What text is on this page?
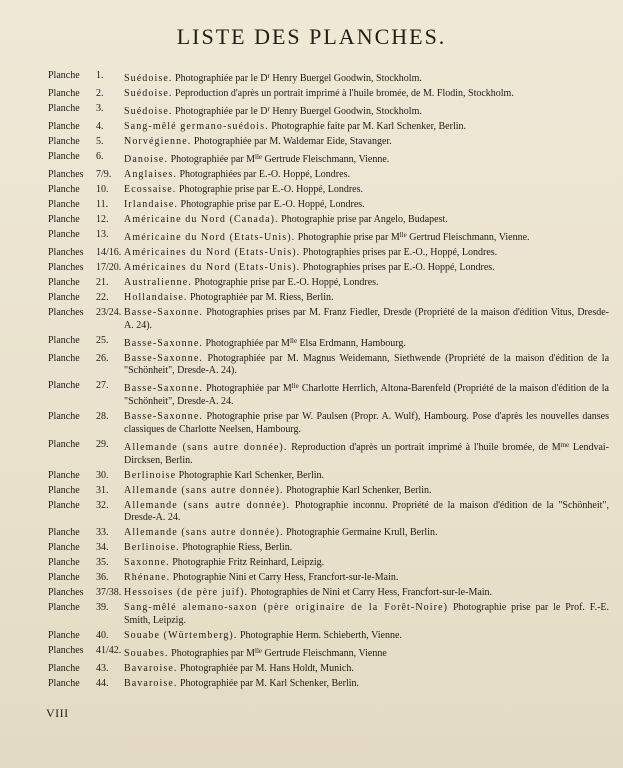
LISTE DES PLANCHES.
Planche	1.	Suédoise. Photographiée par le $D^r$ Henry Buergel Goodwin, Stockholm.
Planche	2.	Suédoise. Peproduction d'après un portrait imprimé à l'huile bromée, de M. Flodin, Stockholm.
Planche	3.	Suédoise. Photographiée par le $D^r$ Henry Buergel Goodwin, Stockholm.
Planche	4.	Sang-mêlé germano-suédois. Photographie faite par M. Karl Schenker, Berlin.
Planche	5.	Norvégienne. Photographiée par M. Waldemar Eide, Stavanger.
Planche	6.	Danoise. Photographiée par $M^{lle}$ Gertrude Fleischmann, Vienne.
Planches	7/9.	Anglaises. Photographiées par E.-O. Hoppé, Londres.
Planche	10.	Ecossaise. Photographie prise par E.-O. Hoppé, Londres.
Planche	11.	Irlandaise. Photographie prise par E.-O. Hoppé, Londres.
Planche	12.	Américaine du Nord (Canada). Photographie prise par Angelo, Budapest.
Planche	13.	Américaine du Nord (Etats-Unis). Photographie prise par $M^{lle}$ Gertrud Fleischmann, Vienne.
Planches	14/16. Américaines du Nord (Etats-Unis). Photographies prises par E.-O., Hoppé, Londres.
Planches	17/20. Américaines du Nord (Etats-Unis). Photographies prises par E.-O. Hoppé, Londres.
Planche	21.	Australienne. Photographie prise par E.-O. Hoppé, Londres.
Planche	22.	Hollandaise. Photographiée par M. Riess, Berlin.
Planches	23/24. Basse-Saxonne. Photographies prises par M. Franz Fiedler, Dresde (Propriété de la maison d'édition Vitus, Dresde-A. 24).
Planche	25.	Basse-Saxonne. Photographiée par $M^{lle}$ Elsa Erdmann, Hambourg.
Planche	26.	Basse-Saxonne. Photographiée par M. Magnus Weidemann, Siethwende (Propriété de la maison d'édition de la "Schönheit", Dresde-A. 24).
Planche	27.	Basse-Saxonne. Photographiée par $M^{lle}$ Charlotte Herrlich, Altona-Barenfeld (Propriété de la maison d'édition de la "Schönheit", Dresde-A. 24.
Planche	28.	Basse-Saxonne. Photographie prise par W. Paulsen (Propr. A. Wulf), Hambourg. Pose d'après les nouvelles danses classiques de Charlotte Neelsen, Hambourg.
Planche	29.	Allemande (sans autre donnée). Reproduction d'après un portrait imprimé à l'huile bromée, de $M^{me}$ Lendvai-Dircksen, Berlin.
Planche	30.	Berlinoise Photographie Karl Schenker, Berlin.
Planche	31.	Allemande (sans autre donnée). Photographie Karl Schenker, Berlin.
Planche	32.	Allemande (sans autre donnée). Photographie inconnu. Propriété de la maison d'édition de la "Schönheit", Dresde-A. 24.
Planche	33.	Allemande (sans autre donnée). Photographie Germaine Krull, Berlin.
Planche	34.	Berlinoise. Photographie Riess, Berlin.
Planche	35.	Saxonne. Photographie Fritz Reinhard, Leipzig.
Planche	36.	Rhénane. Photographie Nini et Carry Hess, Francfort-sur-le-Main.
Planches	37/38. Hessoises (de père juif). Photographies de Nini et Carry Hess, Francfort-sur-le-Main.
Planche	39.	Sang-mêlé alemano-saxon (père originaire de la Forêt-Noire) Photographie prise par le Prof. F.-E. Smith, Leipzig.
Planche	40.	Souabe (Würtemberg). Photographie Herm. Schieberth, Vienne.
Planches	41/42. Souabes. Photographies par $M^{lle}$ Gertrude Fleischmann, Vienne
Planche	43.	Bavaroise. Photographiée par M. Hans Holdt, Munich.
Planche	44.	Bavaroise. Photographiée par M. Karl Schenker, Berlin.
VIII
